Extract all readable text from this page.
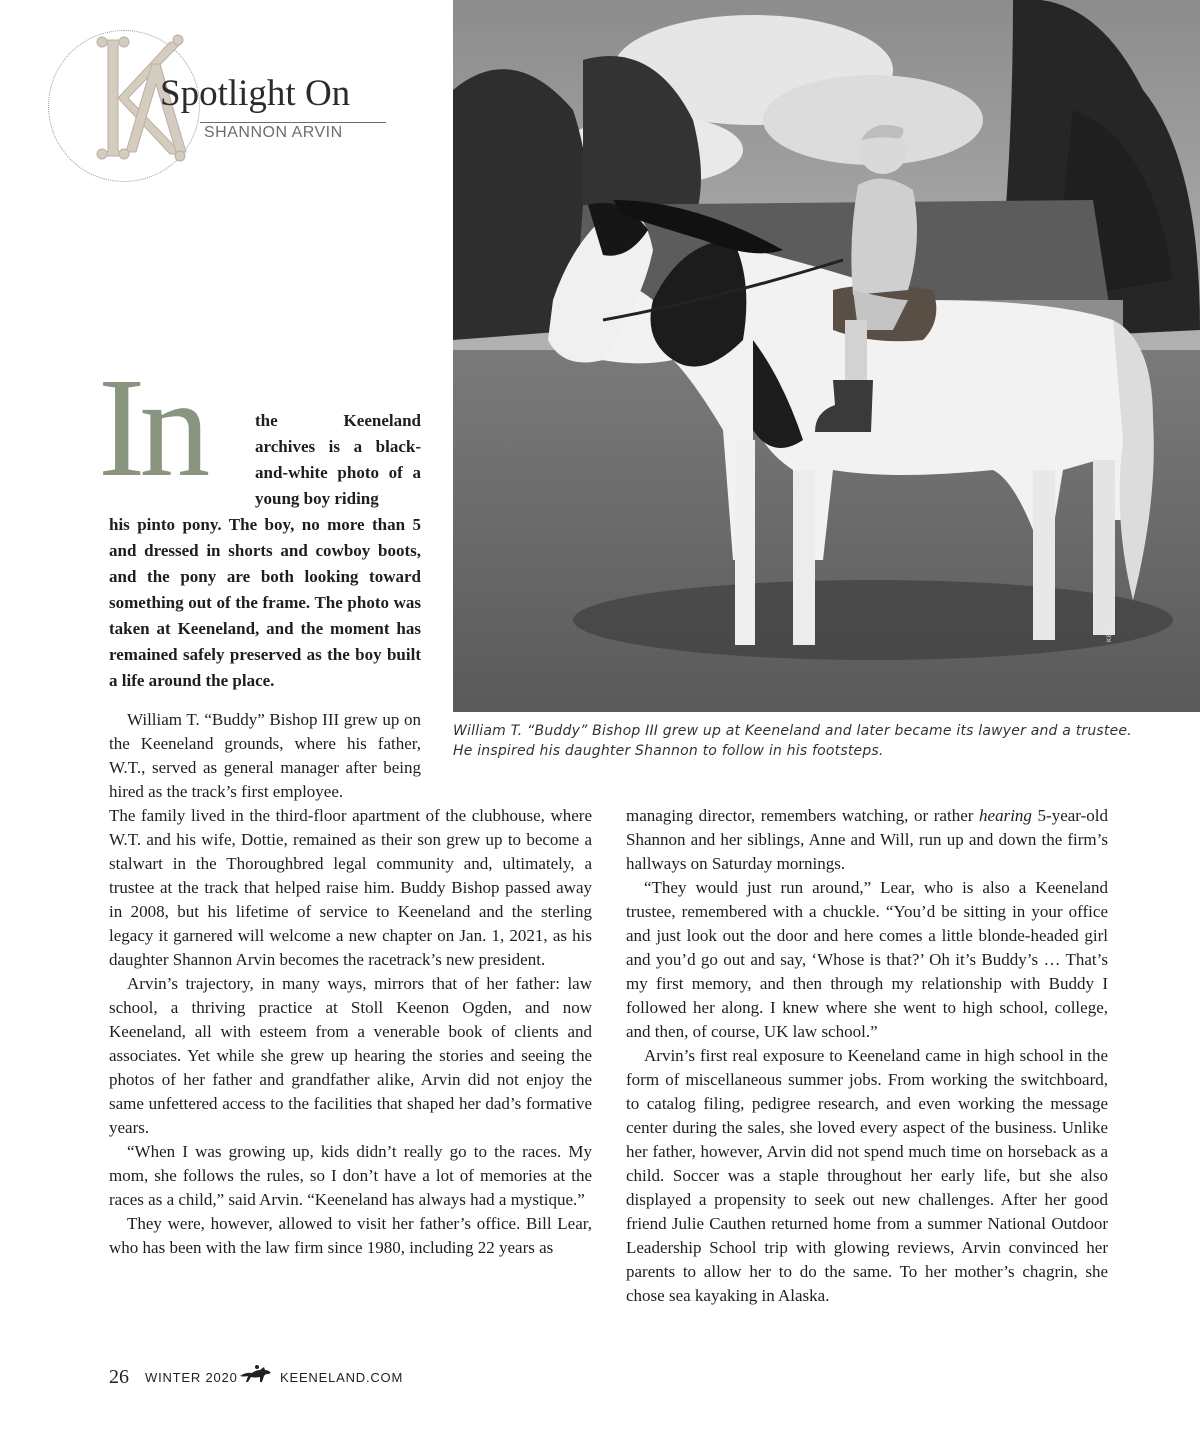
Spotlight On
SHANNON ARVIN
KEENELAND LIBRARY PHOTO
William T. “Buddy” Bishop III grew up at Keeneland and later became its lawyer and a trustee. He inspired his daughter Shannon to follow in his footsteps.
In	the Keeneland archives is a black-and-white photo of a young boy riding
his pinto pony. The boy, no more than 5 and dressed in shorts and cowboy boots, and the pony are both looking toward something out of the frame. The photo was taken at Keeneland, and the moment has remained safely preserved as the boy built a life around the place.

William T. “Buddy” Bishop III grew up on the Keeneland grounds, where his father, W.T., served as general manager after being hired as the track’s first employee.

The family lived in the third-floor apartment of the clubhouse, where W.T. and his wife, Dottie, remained as their son grew up to become a stalwart in the Thoroughbred legal community and, ultimately, a trustee at the track that helped raise him. Buddy Bishop passed away in 2008, but his lifetime of service to Keeneland and the sterling legacy it garnered will welcome a new chapter on Jan. 1, 2021, as his daughter Shannon Arvin becomes the racetrack’s new president.

Arvin’s trajectory, in many ways, mirrors that of her father: law school, a thriving practice at Stoll Keenon Ogden, and now Keeneland, all with esteem from a venerable book of clients and associates. Yet while she grew up hearing the stories and seeing the photos of her father and grandfather alike, Arvin did not enjoy the same unfettered access to the facilities that shaped her dad’s formative years.

“When I was growing up, kids didn’t really go to the races. My mom, she follows the rules, so I don’t have a lot of memories at the races as a child,” said Arvin. “Keeneland has always had a mystique.”

They were, however, allowed to visit her father’s office. Bill Lear, who has been with the law firm since 1980, including 22 years as

managing director, remembers watching, or rather hearing 5-year-old Shannon and her siblings, Anne and Will, run up and down the firm’s hallways on Saturday mornings.

“They would just run around,” Lear, who is also a Keeneland trustee, remembered with a chuckle. “You’d be sitting in your office and just look out the door and here comes a little blonde-headed girl and you’d go out and say, ‘Whose is that?’ Oh it’s Buddy’s … That’s my first memory, and then through my relationship with Buddy I followed her along. I knew where she went to high school, college, and then, of course, UK law school.”

Arvin’s first real exposure to Keeneland came in high school in the form of miscellaneous summer jobs. From working the switchboard, to catalog filing, pedigree research, and even working the message center during the sales, she loved every aspect of the business. Unlike her father, however, Arvin did not spend much time on horseback as a child. Soccer was a staple throughout her early life, but she also displayed a propensity to seek out new challenges. After her good friend Julie Cauthen returned home from a summer National Outdoor Leadership School trip with glowing reviews, Arvin convinced her parents to allow her to do the same. To her mother’s chagrin, she chose sea kayaking in Alaska.

26 WINTER 2020	KEENELAND.COM
